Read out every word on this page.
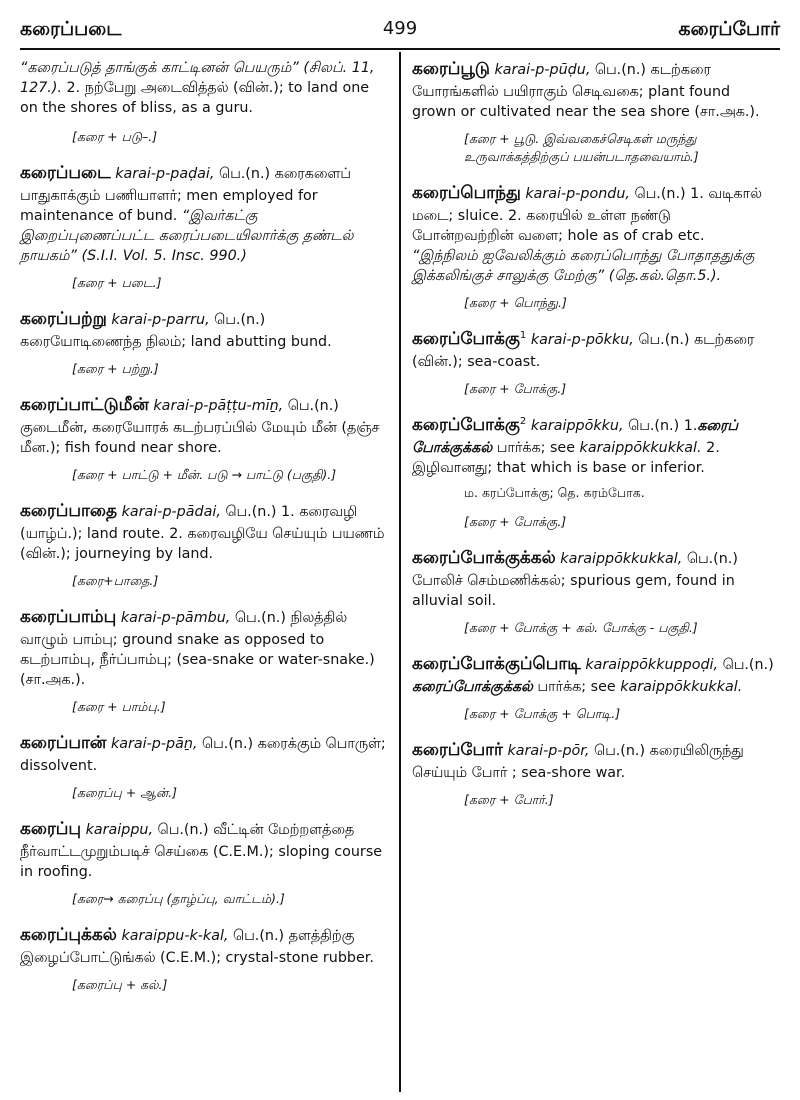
கரைப்படை	499	கரைப்போர்
“கரைப்படுத் தாங்குக் காட்டினன் பெயரும்” (சிலப். 11, 127.). 2. நற்பேறு அடைவித்தல் (வின்.); to land one on the shores of bliss, as a guru.
[கரை + படு–.]
கரைப்படை karai-p-paḍai, பெ.(n.) கரைகளைப் பாதுகாக்கும் பணியாளர்; men employed for maintenance of bund. “இவர்கட்கு இறைப்புணைப்பட்ட கரைப்படையிலார்க்கு தண்டல் நாயகம்” (S.I.I. Vol. 5. Insc. 990.)
[கரை + படை.]
கரைப்பற்று karai-p-parru, பெ.(n.) கரையோடிணைந்த நிலம்; land abutting bund.
[கரை + பற்று.]
கரைப்பாட்டுமீன் karai-p-pāṭṭu-mīṉ, பெ.(n.) குடைமீன், கரையோரக் கடற்பரப்பில் மேயும் மீன் (தஞ்ச மீன.); fish found near shore.
[கரை + பாட்டு + மீன். படு → பாட்டு (பகுதி).]
கரைப்பாதை karai-p-pādai, பெ.(n.) 1. கரைவழி (யாழ்ப்.); land route. 2. கரைவழியே செய்யும் பயணம் (வின்.); journeying by land.
[கரை+பாதை.]
கரைப்பாம்பு karai-p-pāmbu, பெ.(n.) நிலத்தில் வாழும் பாம்பு; ground snake as opposed to கடற்பாம்பு, நீர்ப்பாம்பு; (sea-snake or water-snake.) (சா.அக.).
[கரை + பாம்பு.]
கரைப்பான் karai-p-pāṉ, பெ.(n.) கரைக்கும் பொருள்; dissolvent.
[கரைப்பு + ஆன்.]
கரைப்பு karaippu, பெ.(n.) வீட்டின் மேற்றளத்தை நீர்வாட்டமுறும்படிச் செய்கை (C.E.M.); sloping course in roofing.
[கரை→ கரைப்பு (தாழ்ப்பு, வாட்டம்).]
கரைப்புக்கல் karaippu-k-kal, பெ.(n.) தளத்திற்கு இழைப்போட்டுங்கல் (C.E.M.); crystal-stone rubber.
[கரைப்பு + கல்.]
கரைப்பூடு karai-p-pūḍu, பெ.(n.) கடற்கரை யோரங்களில் பயிராகும் செடிவகை; plant found grown or cultivated near the sea shore (சா.அக.).
[கரை + பூடு. இவ்வகைச்செடிகள் மருந்து உருவாக்கத்திற்குப் பயன்படாதவையாம்.]
கரைப்பொந்து karai-p-pondu, பெ.(n.) 1. வடிகால் மடை; sluice. 2. கரையில் உள்ள நண்டு போன்றவற்றின் வளை; hole as of crab etc. “இந்நிலம் ஐவேலிக்கும் கரைப்பொந்து போதாததுக்கு இக்கலிங்குச் சாலுக்கு மேற்கு” (தெ.கல்.தொ.5.).
[கரை + பொந்து.]
கரைப்போக்கு$^1$ karai-p-pōkku, பெ.(n.) கடற்கரை (வின்.); sea-coast.
[கரை + போக்கு.]
கரைப்போக்கு$^2$ karaippōkku, பெ.(n.) 1.கரைப் போக்குக்கல் பார்க்க; see karaippōkkukkal. 2. இழிவானது; that which is base or inferior.
ம. கரப்போக்கு; தெ. கரம்போக.
[கரை + போக்கு.]
கரைப்போக்குக்கல் karaippōkkukkal, பெ.(n.) போலிச் செம்மணிக்கல்; spurious gem, found in alluvial soil.
[கரை + போக்கு + கல். போக்கு - பகுதி.]
கரைப்போக்குப்பொடி karaippōkkuppoḍi, பெ.(n.) கரைப்போக்குக்கல் பார்க்க; see karaippōkkukkal.
[கரை + போக்கு + பொடி.]
கரைப்போர் karai-p-pōr, பெ.(n.) கரையிலிருந்து செய்யும் போர் ; sea-shore war.
[கரை + போர்.]
